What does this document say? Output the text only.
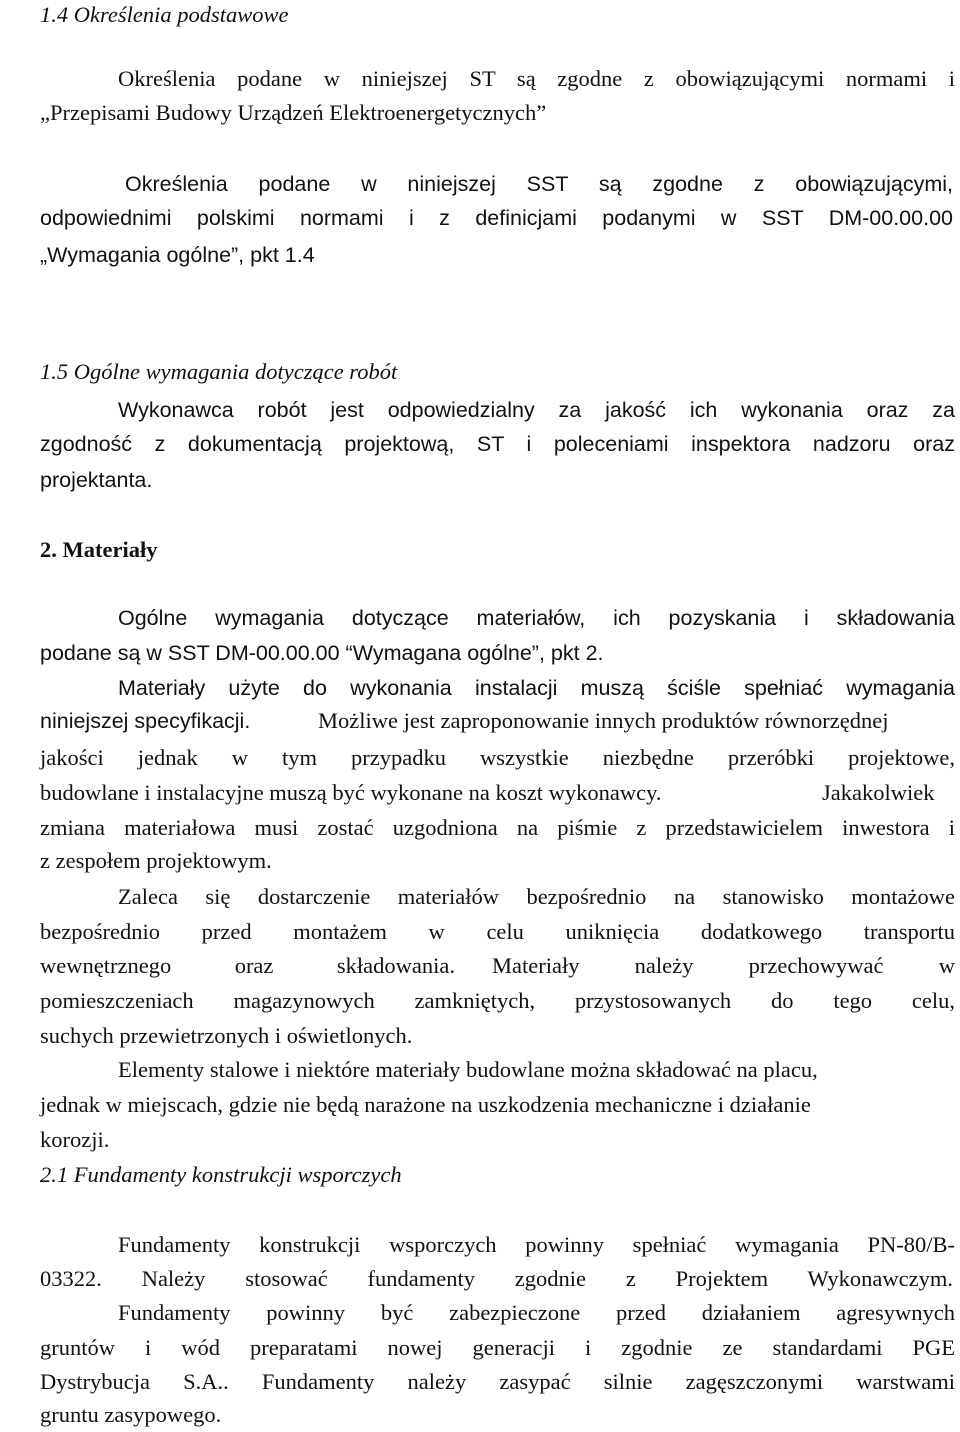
1.4 Określenia podstawowe
Określenia podane w niniejszej ST są zgodne z obowiązującymi normami i
„Przepisami Budowy Urządzeń Elektroenergetycznych”
Określenia podane w niniejszej SST są zgodne z obowiązującymi,
odpowiednimi polskimi normami i z definicjami podanymi w SST DM-00.00.00
„Wymagania ogólne”, pkt 1.4
1.5 Ogólne wymagania dotyczące robót
Wykonawca robót jest odpowiedzialny za jakość ich wykonania oraz za
zgodność z dokumentacją projektową, ST i poleceniami inspektora nadzoru oraz
projektanta.
2. Materiały
Ogólne wymagania dotyczące materiałów, ich pozyskania i składowania
podane są w SST DM-00.00.00 “Wymagana ogólne”, pkt 2.
Materiały użyte do wykonania instalacji muszą ściśle spełniać wymagania
niniejszej specyfikacji.	Możliwe jest zaproponowanie innych produktów równorzędnej
jakości jednak w tym przypadku wszystkie niezbędne przeróbki projektowe,
budowlane i instalacyjne muszą być wykonane na koszt wykonawcy.	Jakakolwiek
zmiana materiałowa musi zostać uzgodniona na piśmie z przedstawicielem inwestora i
z zespołem projektowym.
Zaleca się dostarczenie materiałów bezpośrednio na stanowisko montażowe
bezpośrednio przed montażem w celu uniknięcia dodatkowego transportu
wewnętrznego oraz składowania. Materiały należy przechowywać w
pomieszczeniach magazynowych zamkniętych, przystosowanych do tego celu,
suchych przewietrzonych i oświetlonych.
Elementy stalowe i niektóre materiały budowlane można składować na placu,
jednak w miejscach, gdzie nie będą narażone na uszkodzenia mechaniczne i działanie
korozji.
2.1 Fundamenty konstrukcji wsporczych
Fundamenty konstrukcji wsporczych powinny spełniać wymagania PN-80/B-
03322. Należy stosować fundamenty zgodnie z Projektem Wykonawczym.
Fundamenty powinny być zabezpieczone przed działaniem agresywnych
gruntów i wód preparatami nowej generacji i zgodnie ze standardami PGE
Dystrybucja S.A.. Fundamenty należy zasypać silnie zagęszczonymi warstwami
gruntu zasypowego.
